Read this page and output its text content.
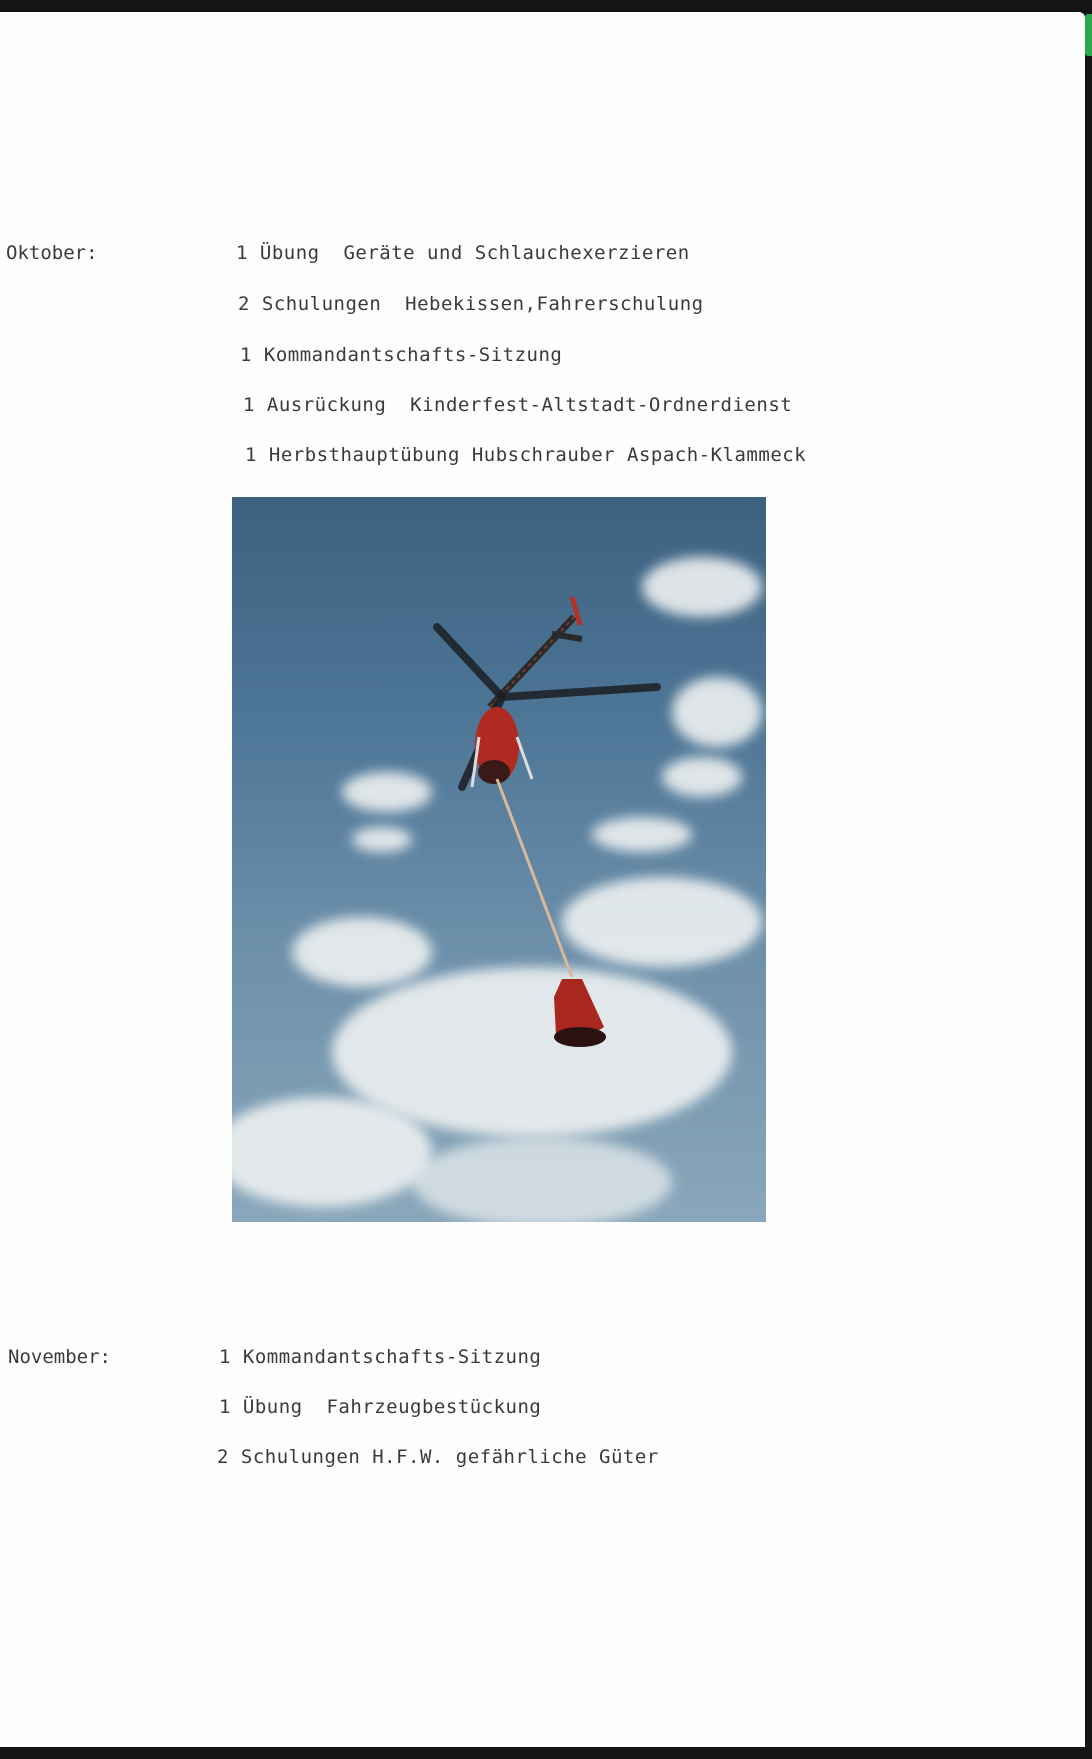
Oktober:	1 Übung  Geräte und Schlauchexerzieren
2 Schulungen  Hebekissen,Fahrerschulung
1 Kommandantschafts-Sitzung
1 Ausrückung  Kinderfest-Altstadt-Ordnerdienst
1 Herbsthauptübung Hubschrauber Aspach-Klammeck
November:	1 Kommandantschafts-Sitzung
1 Übung  Fahrzeugbestückung
2 Schulungen H.F.W. gefährliche Güter
